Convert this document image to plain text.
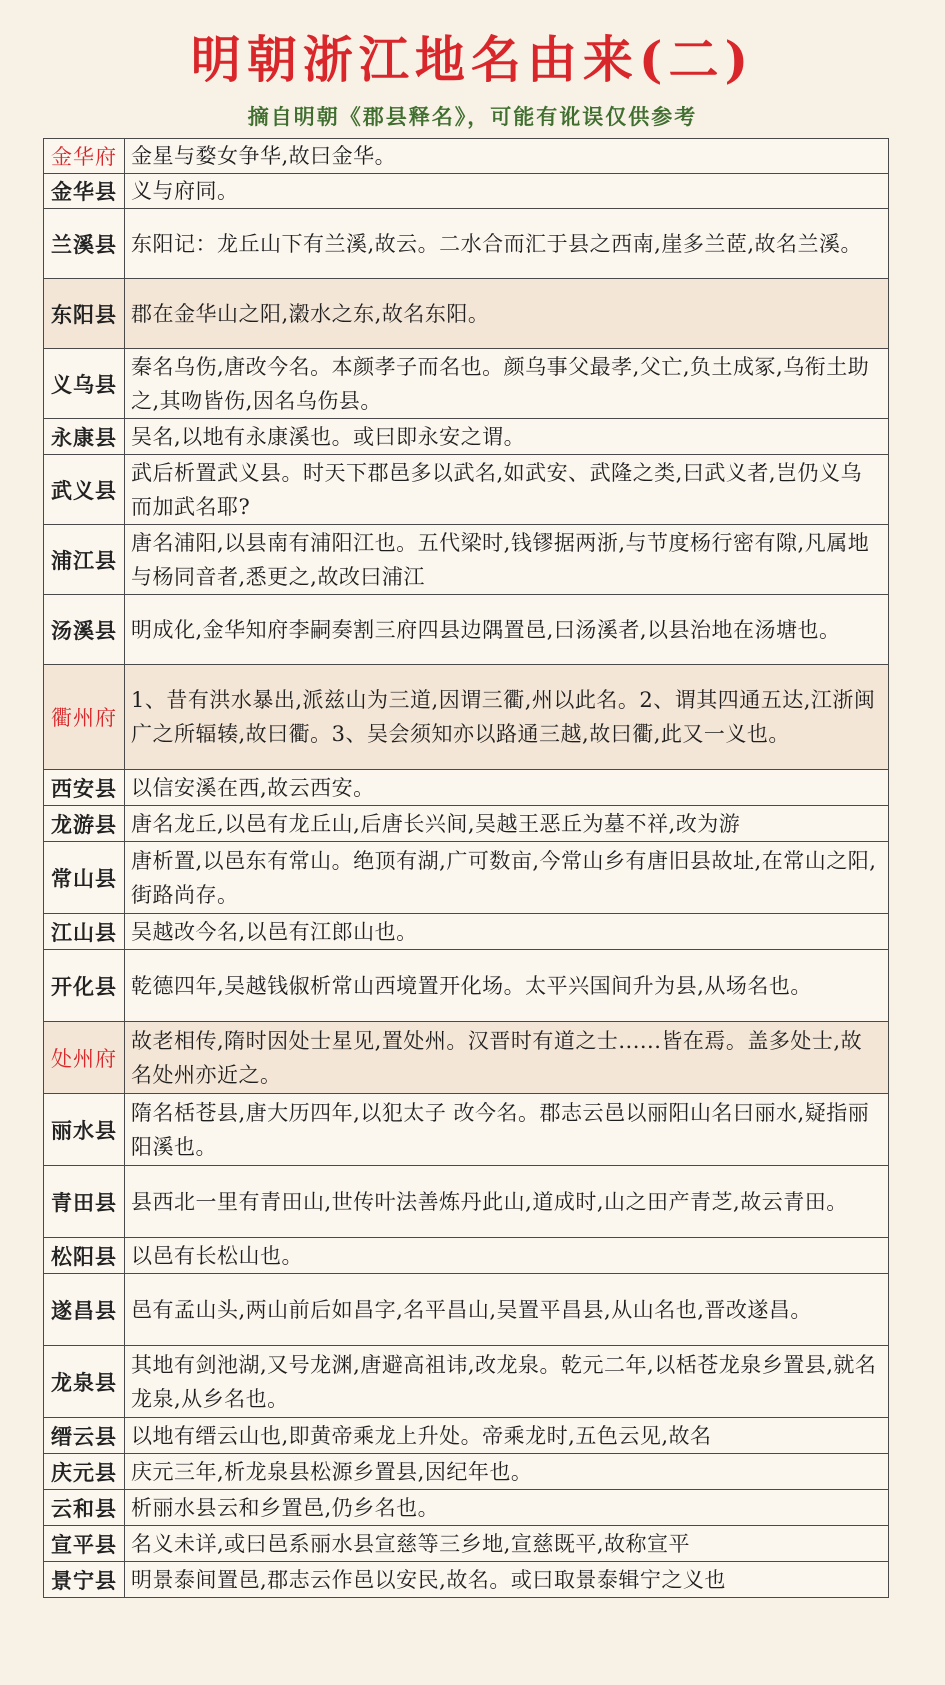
明朝浙江地名由来(二)
摘自明朝《郡县释名》，可能有讹误仅供参考
金华府	金星与婺女争华,故曰金华。
金华县	义与府同。
兰溪县	东阳记：龙丘山下有兰溪,故云。二水合而汇于县之西南,崖多兰茝,故名兰溪。
东阳县	郡在金华山之阳,瀔水之东,故名东阳。
义乌县	秦名乌伤,唐改今名。本颜孝子而名也。颜乌事父最孝,父亡,负土成冢,乌衔土助之,其吻皆伤,因名乌伤县。
永康县	吴名,以地有永康溪也。或曰即永安之谓。
武义县	武后析置武义县。时天下郡邑多以武名,如武安、武隆之类,曰武义者,岂仍义乌而加武名耶?
浦江县	唐名浦阳,以县南有浦阳江也。五代梁时,钱镠据两浙,与节度杨行密有隙,凡属地与杨同音者,悉更之,故改曰浦江
汤溪县	明成化,金华知府李嗣奏割三府四县边隅置邑,曰汤溪者,以县治地在汤塘也。
衢州府	1、昔有洪水暴出,派兹山为三道,因谓三衢,州以此名。2、谓其四通五达,江浙闽广之所辐辏,故曰衢。3、吴会须知亦以路通三越,故曰衢,此又一义也。
西安县	以信安溪在西,故云西安。
龙游县	唐名龙丘,以邑有龙丘山,后唐长兴间,吴越王恶丘为墓不祥,改为游
常山县	唐析置,以邑东有常山。绝顶有湖,广可数亩,今常山乡有唐旧县故址,在常山之阳,街路尚存。
江山县	吴越改今名,以邑有江郎山也。
开化县	乾德四年,吴越钱俶析常山西境置开化场。太平兴国间升为县,从场名也。
处州府	故老相传,隋时因处士星见,置处州。汉晋时有道之士......皆在焉。盖多处士,故名处州亦近之。
丽水县	隋名栝苍县,唐大历四年,以犯太子 改今名。郡志云邑以丽阳山名曰丽水,疑指丽阳溪也。
青田县	县西北一里有青田山,世传叶法善炼丹此山,道成时,山之田产青芝,故云青田。
松阳县	以邑有长松山也。
遂昌县	邑有孟山头,两山前后如昌字,名平昌山,吴置平昌县,从山名也,晋改遂昌。
龙泉县	其地有剑池湖,又号龙渊,唐避高祖讳,改龙泉。乾元二年,以栝苍龙泉乡置县,就名龙泉,从乡名也。
缙云县	以地有缙云山也,即黄帝乘龙上升处。帝乘龙时,五色云见,故名
庆元县	庆元三年,析龙泉县松源乡置县,因纪年也。
云和县	析丽水县云和乡置邑,仍乡名也。
宣平县	名义未详,或曰邑系丽水县宣慈等三乡地,宣慈既平,故称宣平
景宁县	明景泰间置邑,郡志云作邑以安民,故名。或曰取景泰辑宁之义也
